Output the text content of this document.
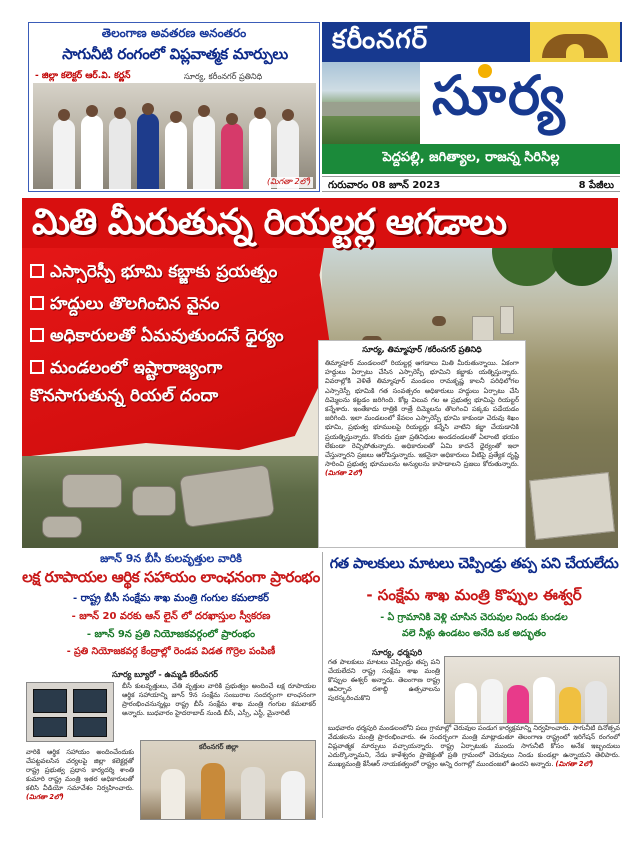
తెలంగాణ అవతరణ అనంతరం
సాగునీటి రంగంలో విప్లవాత్మక మార్పులు
- జిల్లా కలెక్టర్ ఆర్.వి. కర్ణన్	సూర్య, కరీంనగర్ ప్రతినిధి
(మిగతా 2లో)
కరీంనగర్
సూర్య
పెద్దపల్లి, జగిత్యాల, రాజన్న సిరిసిల్ల
గురువారం 08 జూన్ 2023	8 పేజీలు
మితి మీరుతున్న రియల్టర్ల ఆగడాలు
ఎస్సారెస్పీ భూమి కబ్జాకు ప్రయత్నం
హద్దులు తొలగించిన వైనం
అధికారులతో ఏమవుతుందనే ధైర్యం
మండలంలో ఇష్టారాజ్యంగా
కొనసాగుతున్న రియల్ దందా
సూర్య, తిమ్మాపూర్ /కరీంనగర్ ప్రతినిధి
తిమ్మాపూర్ మండలంలో రియల్టర్ల ఆగడాలు మితి మీరుతున్నాయి. ఏకంగా హద్దులు ఏర్పాటు చేసిన ఎస్సారెస్పీ భూమిని కబ్జాకు యత్నిస్తున్నారు. వివరాల్లోకి వెళితే తిమ్మాపూర్ మండలం రామకృష్ణ కాలనీ పరిధిలోగల ఎస్సారెస్పీ భూమికి గత సంవత్సరం అధికారులు హద్దులు ఏర్పాటు చేసి దిమ్మెలను కట్టడం జరిగింది. కోట్ల విలువ గల ఆ ప్రభుత్వ భూమిపై రియల్టర్ కన్నేశారు. ఇంతేకాదు రాత్రికి రాత్రే దిమ్మెలను తొలగించి పక్కకు పడేయడం జరిగింది. ఇలా మండలంలో కేవలం ఎస్సారెస్పీ భూమి కాకుండా చెరువు శిఖం భూమి, ప్రభుత్వ భూములపై రియల్టర్లు కన్నేసి వాటిని కబ్జా చేయడానికి ప్రయత్నిస్తున్నారు. కొందరు ప్రజా ప్రతినిధుల అండదండలతో ఏలాంటి భయం లేకుండా రెచ్చిపోతున్నారు. అధికారులతో ఏమి కాదనే ధైర్యంతో ఇలా చేస్తున్నారని ప్రజలు ఆరోపిస్తున్నారు. ఇకనైనా అధికారులు వీటిపై ప్రత్యేక దృష్టి సారించి ప్రభుత్వ భూములను అన్యులను కాపాడాలని ప్రజలు కోరుతున్నారు. (మిగతా 2లో)
జూన్ 9న బీసీ కులవృత్తుల వారికి
లక్ష రూపాయల ఆర్థిక సహాయం లాంఛనంగా ప్రారంభం
- రాష్ట్ర బీసీ సంక్షేమ శాఖ మంత్రి గంగుల కమలాకర్
- జూన్ 20 వరకు ఆన్ లైన్ లో దరఖాస్తుల స్వీకరణ
- జూన్ 9న ప్రతి నియోజకవర్గంలో ప్రారంభం
- ప్రతి నియోజకవర్గ కేంద్రాల్లో రెండవ విడత గొర్రెల పంపిణీ
సూర్య బ్యూరో - ఉమ్మడి కరీంనగర్
బీసీ కులవృత్తులు, చేతి వృత్తుల వారికి ప్రభుత్వం అందించే లక్ష రూపాయల ఆర్థిక సహాయాన్ని జూన్ 9న సంక్షేమ సంబురాల సందర్భంగా లాంఛనంగా ప్రారంభించనున్నట్లు రాష్ట్ర బీసీ సంక్షేమ శాఖ మంత్రి గంగుల కమలాకర్ అన్నారు. బుధవారం హైదరాబాద్ నుండి బీసీ, ఎస్సీ, ఎస్టీ, మైనారిటీ
వారికి ఆర్థిక సహాయం అందించేందుకు చేపట్టవలసిన చర్యలపై జిల్లా కలెక్టర్లతో రాష్ట్ర ప్రభుత్వ ప్రధాన కార్యదర్శి శాంతి కుమారి రాష్ట్ర మంత్రి ఇతర అధికారులతో కలిసి వీడియో సమావేశం నిర్వహించారు. (మిగతా 2లో)
కరీంనగర్ జిల్లా
గత పాలకులు మాటలు చెప్పిండ్రు తప్ప పని చేయలేదు
- సంక్షేమ శాఖ మంత్రి కొప్పుల ఈశ్వర్
- ఏ గ్రామానికి వెళ్లి చూసిన చెరువుల నిండు కుండల
వలె నీళ్లు ఉండటం అనేది ఒక అద్భుతం
సూర్య, ధర్మపురి
గత పాలకులు మాటలు చెప్పిండ్రు తప్ప పని చేయలేదని రాష్ట్ర సంక్షేమ శాఖ మంత్రి కొప్పుల ఈశ్వర్ అన్నారు. తెలంగాణ రాష్ట్ర ఆవిర్భావ దశాబ్ది ఉత్సవాలను పురస్కరించుకొని
బుధవారం ధర్మపురి మండలంలోని పలు గ్రామాల్లో చెరువుల పండుగ కార్యక్రమాన్ని నిర్వహించారు. సాగునీటి దినోత్సవ వేడుకలను మంత్రి ప్రారంభించారు. ఈ సందర్భంగా మంత్రి మాట్లాడుతూ తెలంగాణ రాష్ట్రంలో ఇరిగేషన్ రంగంలో విప్లవాత్మక మార్పులు వచ్చాయన్నారు. రాష్ట్ర ఏర్పాటుకు ముందు సాగునీటి కోసం అనేక ఇబ్బందులు ఎదుర్కొన్నామని, నేడు కాళేశ్వరం ప్రాజెక్టుతో ప్రతి గ్రామంలో చెరువులు నిండు కుండల్లా ఉన్నాయని తెలిపారు. ముఖ్యమంత్రి కేసీఆర్ నాయకత్వంలో రాష్ట్రం అన్ని రంగాల్లో ముందంజలో ఉందని అన్నారు. (మిగతా 2లో)
